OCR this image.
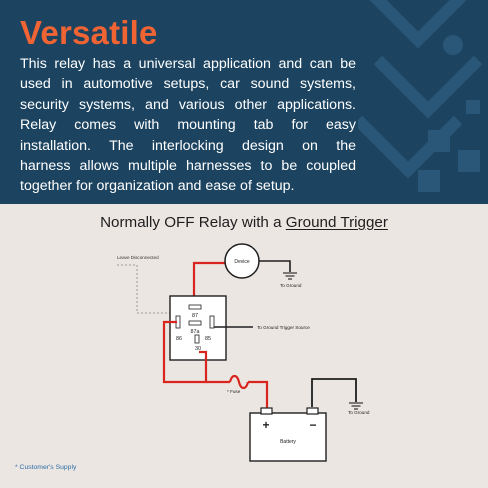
Versatile
This relay has a universal application and can be
used in automotive setups, car sound systems,
security systems, and various other applications.
Relay comes with mounting tab for easy
installation. The interlocking design on the
harness allows multiple harnesses to be coupled
together for organization and ease of setup.
Normally OFF Relay with a Ground Trigger
Leave Disconnected
Device
To Ground
87
87a
86	85
30
To Ground Trigger Source
* Fuse
+	−
Battery
To Ground
* Customer's Supply
